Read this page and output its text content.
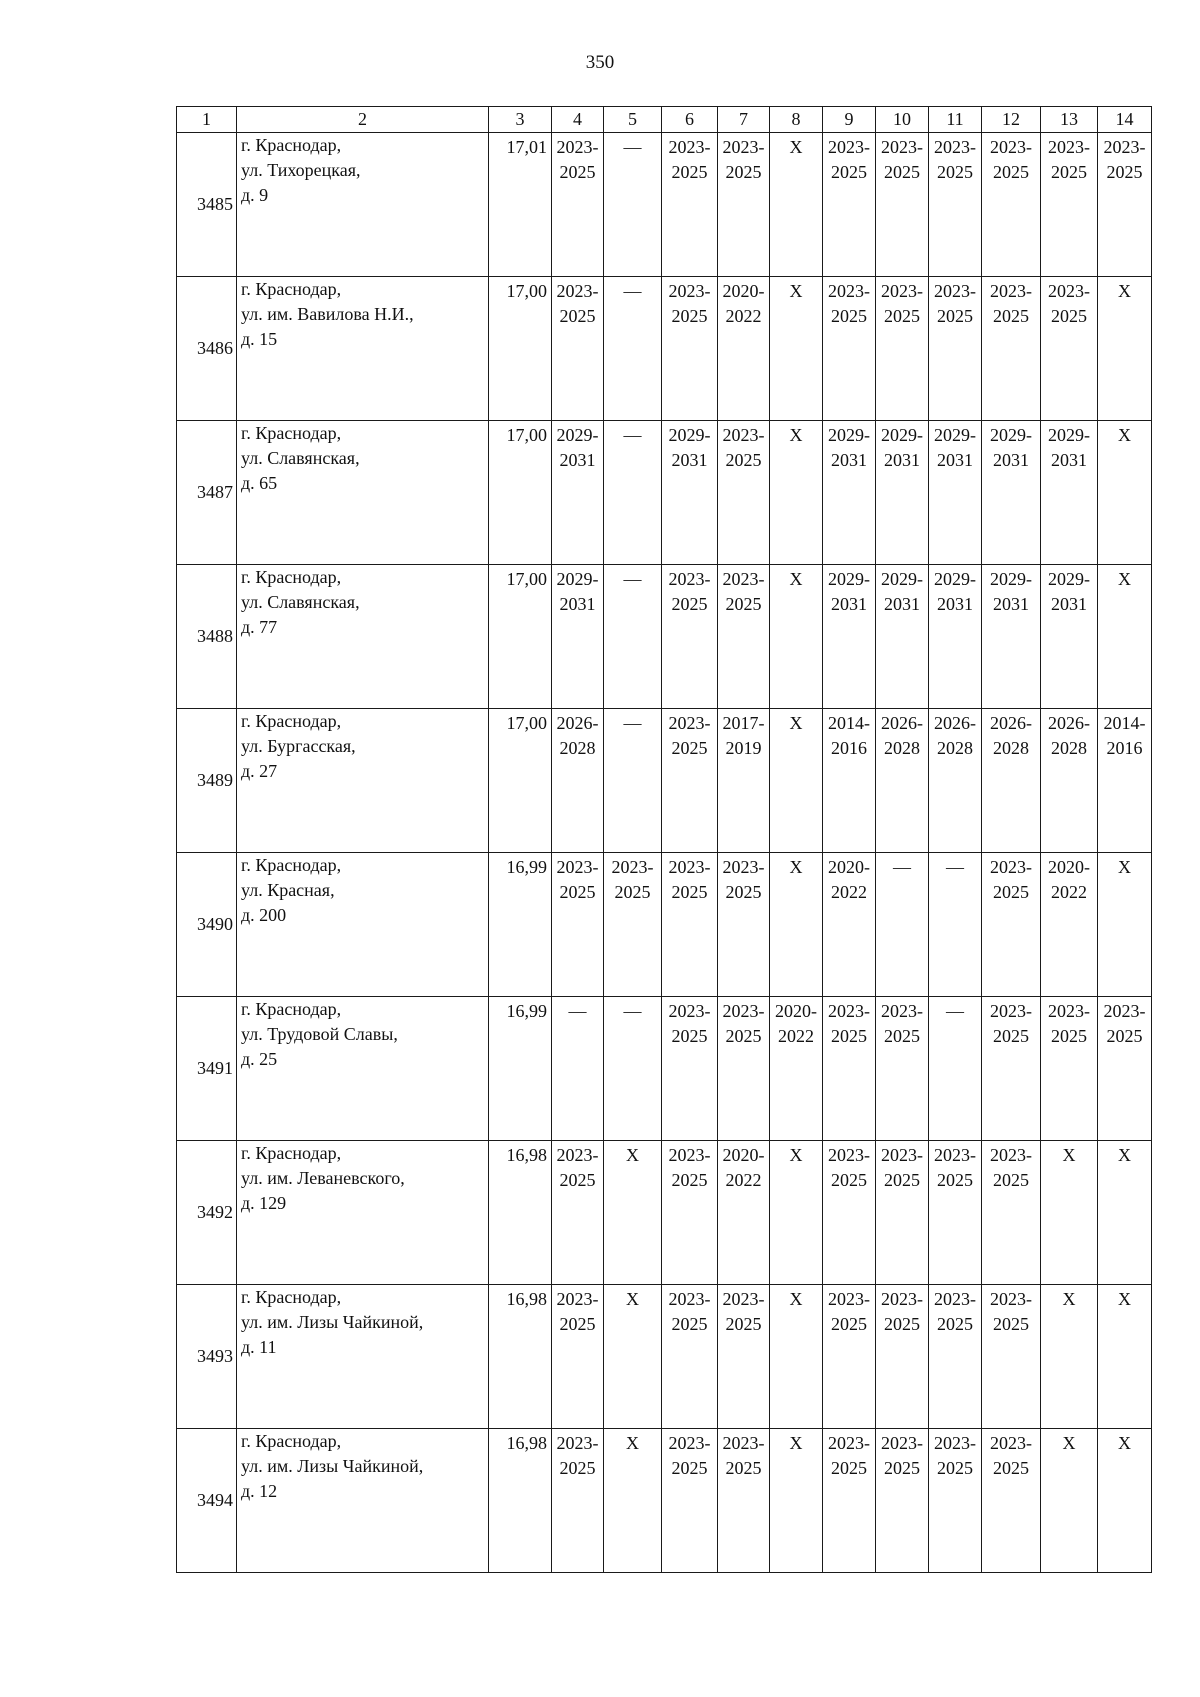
350
1	2	3	4	5	6	7	8	9	10	11	12	13	14
3485	г. Краснодар,
ул. Тихорецкая,
д. 9	17,01	2023-
2025	—	2023-
2025	2023-
2025	Х	2023-
2025	2023-
2025	2023-
2025	2023-
2025	2023-
2025	2023-
2025

3486	г. Краснодар,
ул. им. Вавилова Н.И.,
д. 15	17,00	2023-
2025	—	2023-
2025	2020-
2022	Х	2023-
2025	2023-
2025	2023-
2025	2023-
2025	2023-
2025	Х

3487	г. Краснодар,
ул. Славянская,
д. 65	17,00	2029-
2031	—	2029-
2031	2023-
2025	Х	2029-
2031	2029-
2031	2029-
2031	2029-
2031	2029-
2031	Х

3488	г. Краснодар,
ул. Славянская,
д. 77	17,00	2029-
2031	—	2023-
2025	2023-
2025	Х	2029-
2031	2029-
2031	2029-
2031	2029-
2031	2029-
2031	Х

3489	г. Краснодар,
ул. Бургасская,
д. 27	17,00	2026-
2028	—	2023-
2025	2017-
2019	Х	2014-
2016	2026-
2028	2026-
2028	2026-
2028	2026-
2028	2014-
2016

3490	г. Краснодар,
ул. Красная,
д. 200	16,99	2023-
2025	2023-
2025	2023-
2025	2023-
2025	Х	2020-
2022	—	—	2023-
2025	2020-
2022	Х

3491	г. Краснодар,
ул. Трудовой Славы,
д. 25	16,99	—	—	2023-
2025	2023-
2025	2020-
2022	2023-
2025	2023-
2025	—	2023-
2025	2023-
2025	2023-
2025

3492	г. Краснодар,
ул. им. Леваневского,
д. 129	16,98	2023-
2025	Х	2023-
2025	2020-
2022	Х	2023-
2025	2023-
2025	2023-
2025	2023-
2025	Х	Х

3493	г. Краснодар,
ул. им. Лизы Чайкиной,
д. 11	16,98	2023-
2025	Х	2023-
2025	2023-
2025	Х	2023-
2025	2023-
2025	2023-
2025	2023-
2025	Х	Х

3494	г. Краснодар,
ул. им. Лизы Чайкиной,
д. 12	16,98	2023-
2025	Х	2023-
2025	2023-
2025	Х	2023-
2025	2023-
2025	2023-
2025	2023-
2025	Х	Х
